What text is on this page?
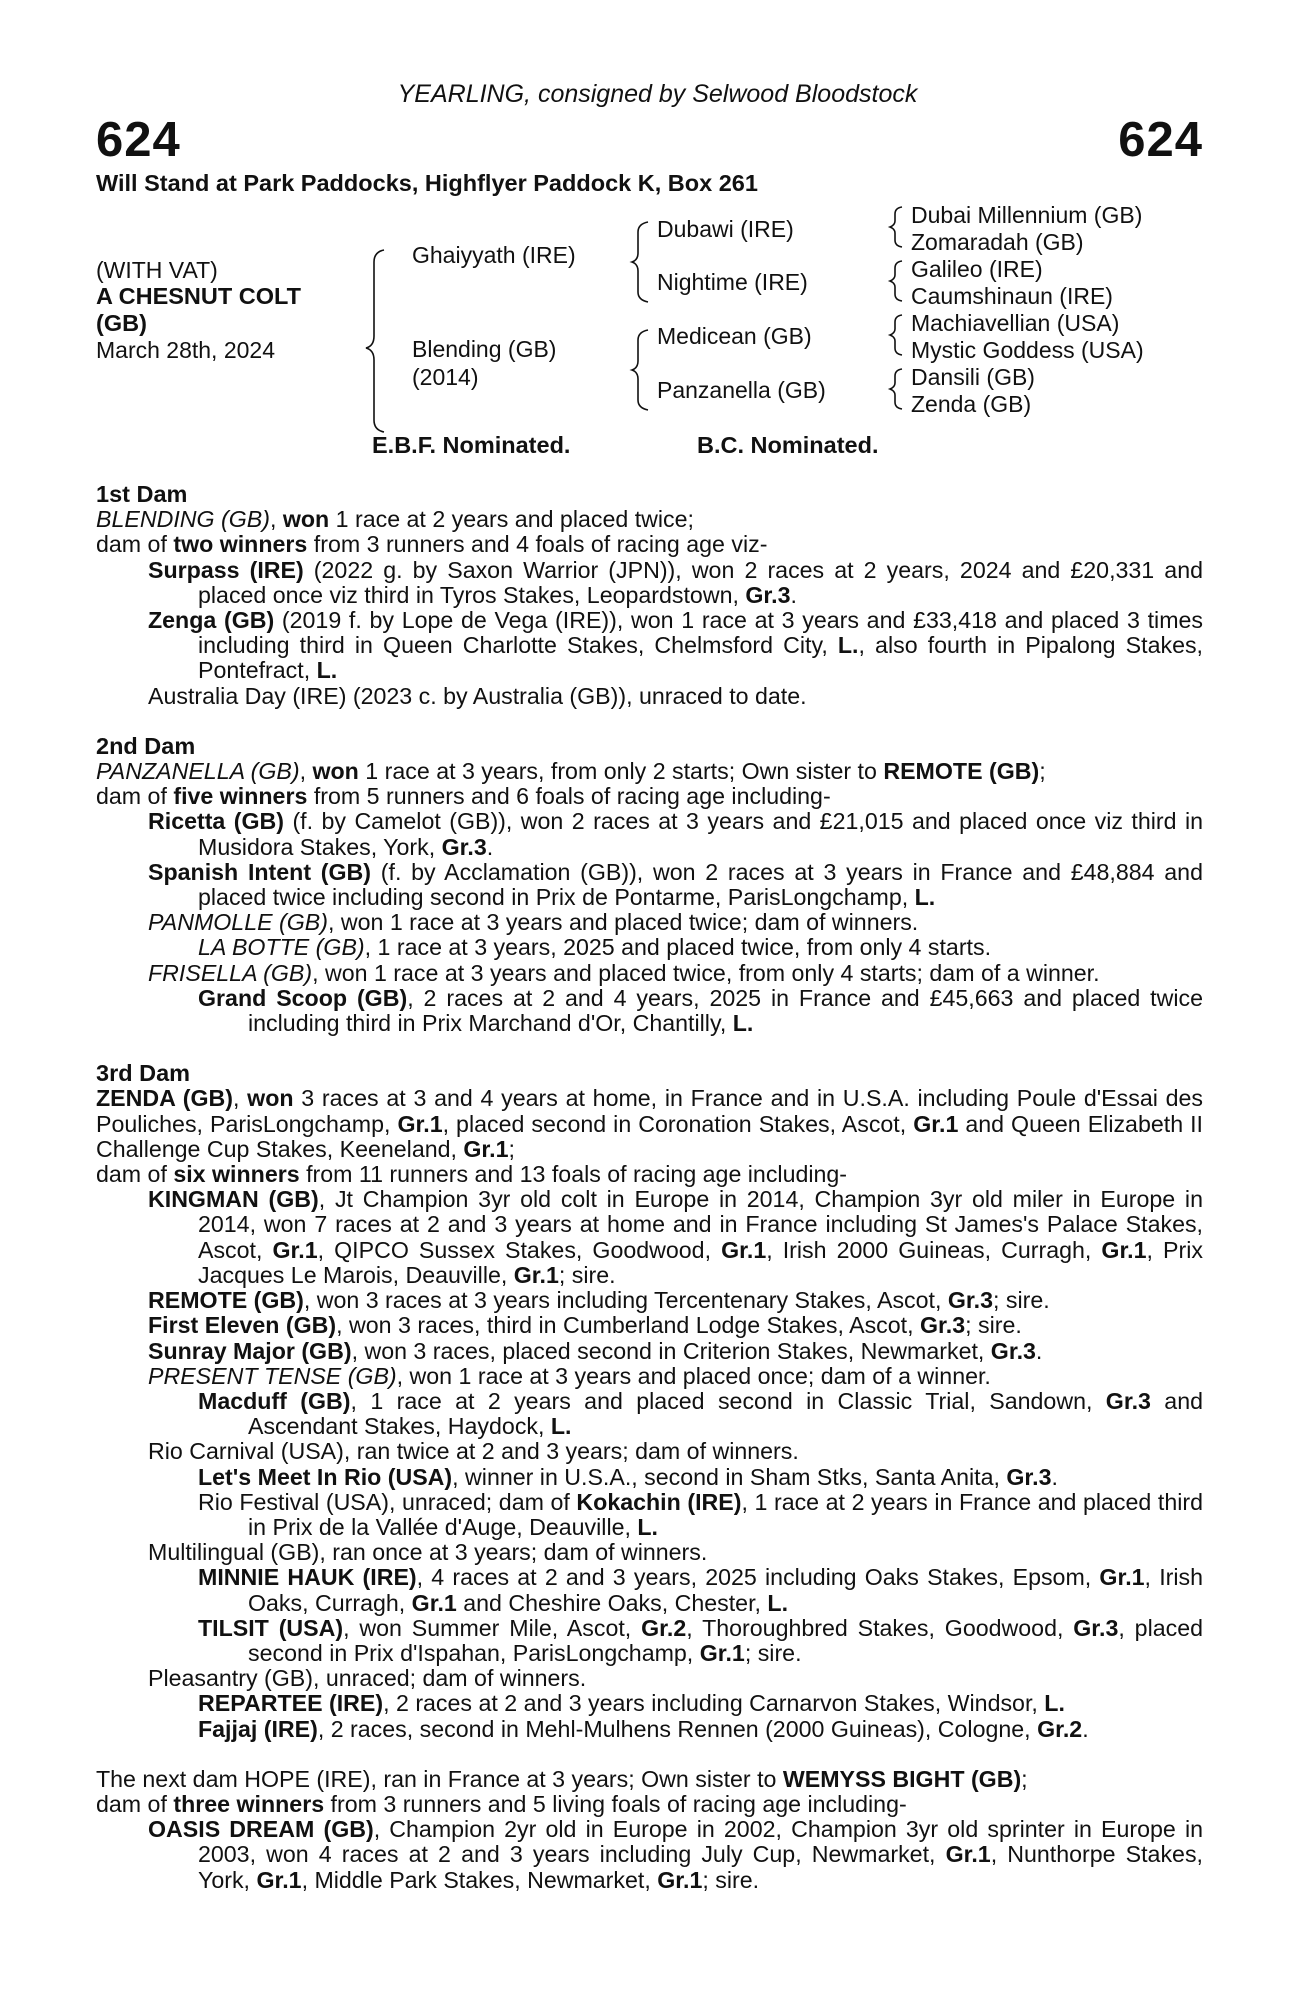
YEARLING, consigned by Selwood Bloodstock
624	624
Will Stand at Park Paddocks, Highflyer Paddock K, Box 261
(WITH VAT)
A CHESNUT COLT
(GB)
March 28th, 2024
Ghaiyyath (IRE)
Blending (GB)
(2014)
Dubawi (IRE)
Nightime (IRE)
Medicean (GB)
Panzanella (GB)
Dubai Millennium (GB)
Zomaradah (GB)
Galileo (IRE)
Caumshinaun (IRE)
Machiavellian (USA)
Mystic Goddess (USA)
Dansili (GB)
Zenda (GB)
E.B.F. Nominated.	B.C. Nominated.
1st Dam
BLENDING (GB), won 1 race at 2 years and placed twice;
dam of two winners from 3 runners and 4 foals of racing age viz-
Surpass (IRE) (2022 g. by Saxon Warrior (JPN)), won 2 races at 2 years, 2024 and £20,331 and placed once viz third in Tyros Stakes, Leopardstown, Gr.3.
Zenga (GB) (2019 f. by Lope de Vega (IRE)), won 1 race at 3 years and £33,418 and placed 3 times including third in Queen Charlotte Stakes, Chelmsford City, L., also fourth in Pipalong Stakes, Pontefract, L.
Australia Day (IRE) (2023 c. by Australia (GB)), unraced to date.
2nd Dam
PANZANELLA (GB), won 1 race at 3 years, from only 2 starts; Own sister to REMOTE (GB);
dam of five winners from 5 runners and 6 foals of racing age including-
Ricetta (GB) (f. by Camelot (GB)), won 2 races at 3 years and £21,015 and placed once viz third in Musidora Stakes, York, Gr.3.
Spanish Intent (GB) (f. by Acclamation (GB)), won 2 races at 3 years in France and £48,884 and placed twice including second in Prix de Pontarme, ParisLongchamp, L.
PANMOLLE (GB), won 1 race at 3 years and placed twice; dam of winners.
LA BOTTE (GB), 1 race at 3 years, 2025 and placed twice, from only 4 starts.
FRISELLA (GB), won 1 race at 3 years and placed twice, from only 4 starts; dam of a winner.
Grand Scoop (GB), 2 races at 2 and 4 years, 2025 in France and £45,663 and placed twice including third in Prix Marchand d'Or, Chantilly, L.
3rd Dam
ZENDA (GB), won 3 races at 3 and 4 years at home, in France and in U.S.A. including Poule d'Essai des Pouliches, ParisLongchamp, Gr.1, placed second in Coronation Stakes, Ascot, Gr.1 and Queen Elizabeth II Challenge Cup Stakes, Keeneland, Gr.1;
dam of six winners from 11 runners and 13 foals of racing age including-
KINGMAN (GB), Jt Champion 3yr old colt in Europe in 2014, Champion 3yr old miler in Europe in 2014, won 7 races at 2 and 3 years at home and in France including St James's Palace Stakes, Ascot, Gr.1, QIPCO Sussex Stakes, Goodwood, Gr.1, Irish 2000 Guineas, Curragh, Gr.1, Prix Jacques Le Marois, Deauville, Gr.1; sire.
REMOTE (GB), won 3 races at 3 years including Tercentenary Stakes, Ascot, Gr.3; sire.
First Eleven (GB), won 3 races, third in Cumberland Lodge Stakes, Ascot, Gr.3; sire.
Sunray Major (GB), won 3 races, placed second in Criterion Stakes, Newmarket, Gr.3.
PRESENT TENSE (GB), won 1 race at 3 years and placed once; dam of a winner.
Macduff (GB), 1 race at 2 years and placed second in Classic Trial, Sandown, Gr.3 and Ascendant Stakes, Haydock, L.
Rio Carnival (USA), ran twice at 2 and 3 years; dam of winners.
Let's Meet In Rio (USA), winner in U.S.A., second in Sham Stks, Santa Anita, Gr.3.
Rio Festival (USA), unraced; dam of Kokachin (IRE), 1 race at 2 years in France and placed third in Prix de la Vallée d'Auge, Deauville, L.
Multilingual (GB), ran once at 3 years; dam of winners.
MINNIE HAUK (IRE), 4 races at 2 and 3 years, 2025 including Oaks Stakes, Epsom, Gr.1, Irish Oaks, Curragh, Gr.1 and Cheshire Oaks, Chester, L.
TILSIT (USA), won Summer Mile, Ascot, Gr.2, Thoroughbred Stakes, Goodwood, Gr.3, placed second in Prix d'Ispahan, ParisLongchamp, Gr.1; sire.
Pleasantry (GB), unraced; dam of winners.
REPARTEE (IRE), 2 races at 2 and 3 years including Carnarvon Stakes, Windsor, L.
Fajjaj (IRE), 2 races, second in Mehl-Mulhens Rennen (2000 Guineas), Cologne, Gr.2.
The next dam HOPE (IRE), ran in France at 3 years; Own sister to WEMYSS BIGHT (GB);
dam of three winners from 3 runners and 5 living foals of racing age including-
OASIS DREAM (GB), Champion 2yr old in Europe in 2002, Champion 3yr old sprinter in Europe in 2003, won 4 races at 2 and 3 years including July Cup, Newmarket, Gr.1, Nunthorpe Stakes, York, Gr.1, Middle Park Stakes, Newmarket, Gr.1; sire.
